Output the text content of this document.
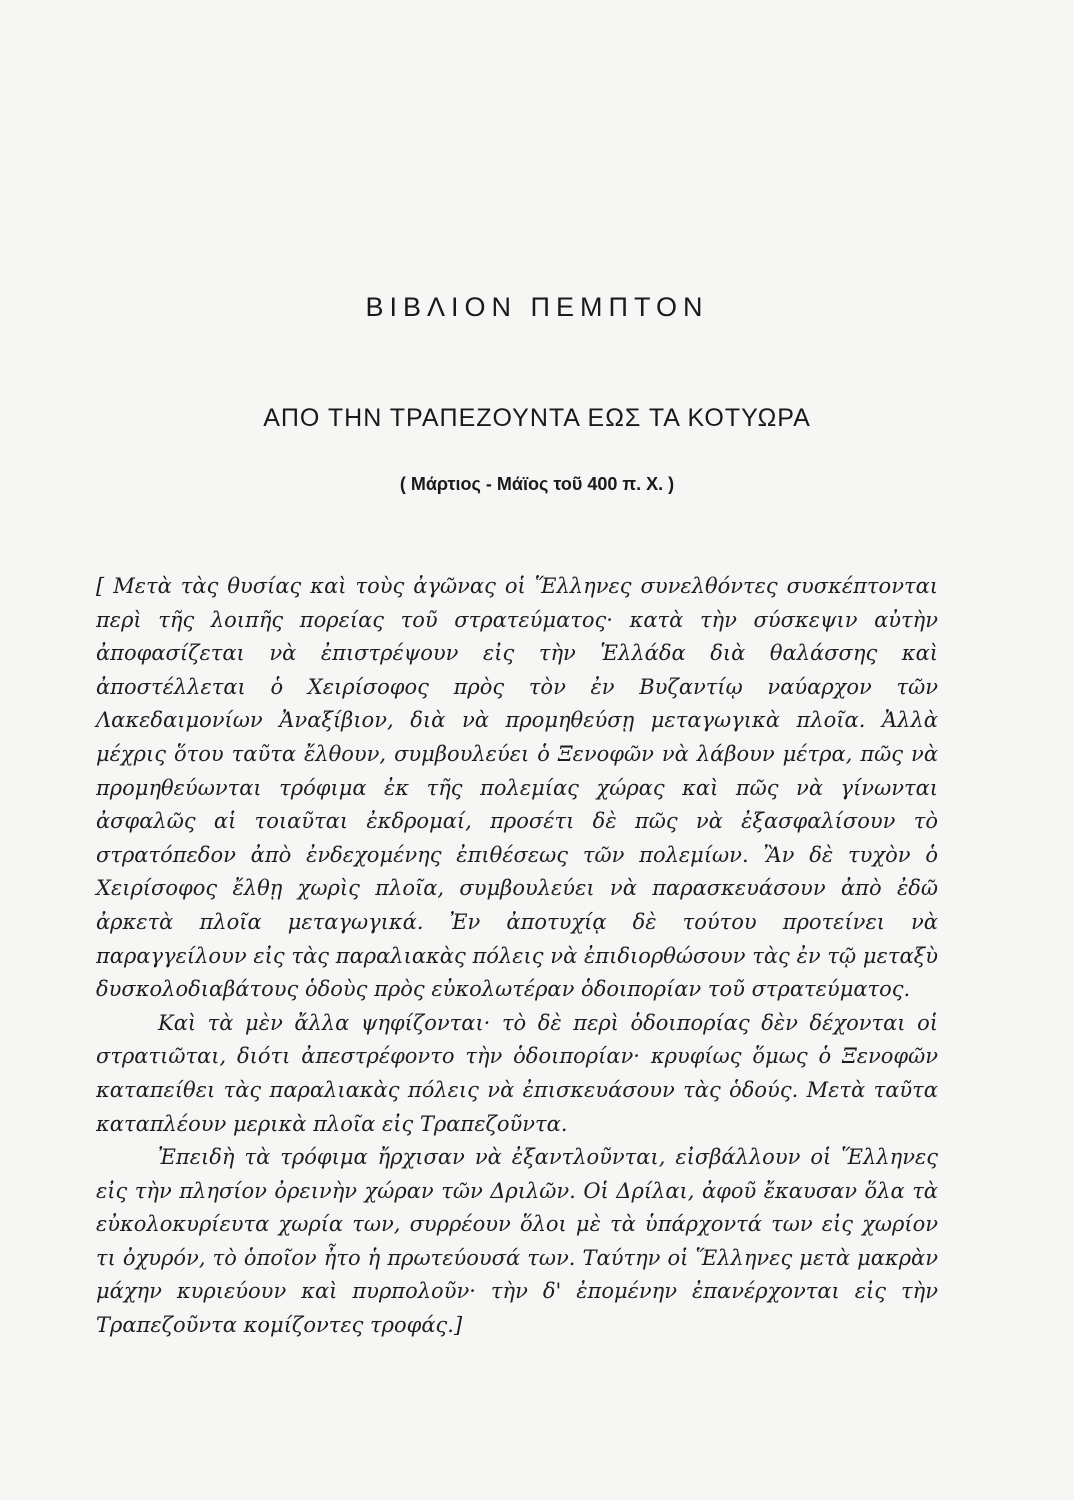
ΒΙΒΛΙΟΝ ΠΕΜΠΤΟΝ
ΑΠΟ ΤΗΝ ΤΡΑΠΕΖΟΥΝΤΑ ΕΩΣ ΤΑ ΚΟΤΥΩΡΑ
( Μάρτιος - Μάϊος τοῦ 400 π. Χ. )

[ Μετὰ τὰς θυσίας καὶ τοὺς ἀγῶνας οἱ Ἕλληνες συνελθόντες συσκέπτονται περὶ τῆς λοιπῆς πορείας τοῦ στρατεύματος· κατὰ τὴν σύσκεψιν αὐτὴν ἀποφασίζεται νὰ ἐπιστρέψουν εἰς τὴν Ἑλλάδα διὰ θαλάσσης καὶ ἀποστέλλεται ὁ Χειρίσοφος πρὸς τὸν ἐν Βυζαντίῳ ναύαρχον τῶν Λακεδαιμονίων Ἀναξίβιον, διὰ νὰ προμηθεύσῃ μεταγωγικὰ πλοῖα. Ἀλλὰ μέχρις ὅτου ταῦτα ἔλθουν, συμβουλεύει ὁ Ξενοφῶν νὰ λάβουν μέτρα, πῶς νὰ προμηθεύωνται τρόφιμα ἐκ τῆς πολεμίας χώρας καὶ πῶς νὰ γίνωνται ἀσφαλῶς αἱ τοιαῦται ἐκδρομαί, προσέτι δὲ πῶς νὰ ἐξασφαλίσουν τὸ στρατόπεδον ἀπὸ ἐνδεχομένης ἐπιθέσεως τῶν πολεμίων. Ἂν δὲ τυχὸν ὁ Χειρίσοφος ἔλθῃ χωρὶς πλοῖα, συμβουλεύει νὰ παρασκευάσουν ἀπὸ ἐδῶ ἀρκετὰ πλοῖα μεταγωγικά. Ἐν ἀποτυχίᾳ δὲ τούτου προτείνει νὰ παραγγείλουν εἰς τὰς παραλιακὰς πόλεις νὰ ἐπιδιορθώσουν τὰς ἐν τῷ μεταξὺ δυσκολοδιαβάτους ὁδοὺς πρὸς εὐκολωτέραν ὁδοιπορίαν τοῦ στρατεύματος.

Καὶ τὰ μὲν ἄλλα ψηφίζονται· τὸ δὲ περὶ ὁδοιπορίας δὲν δέχονται οἱ στρατιῶται, διότι ἀπεστρέφοντο τὴν ὁδοιπορίαν· κρυφίως ὅμως ὁ Ξενοφῶν καταπείθει τὰς παραλιακὰς πόλεις νὰ ἐπισκευάσουν τὰς ὁδούς. Μετὰ ταῦτα καταπλέουν μερικὰ πλοῖα εἰς Τραπεζοῦντα.

Ἐπειδὴ τὰ τρόφιμα ἤρχισαν νὰ ἐξαντλοῦνται, εἰσβάλλουν οἱ Ἕλληνες εἰς τὴν πλησίον ὀρεινὴν χώραν τῶν Δριλῶν. Οἱ Δρίλαι, ἀφοῦ ἔκαυσαν ὅλα τὰ εὐκολοκυρίευτα χωρία των, συρρέουν ὅλοι μὲ τὰ ὑπάρχοντά των εἰς χωρίον τι ὀχυρόν, τὸ ὁποῖον ἦτο ἡ πρωτεύουσά των. Ταύτην οἱ Ἕλληνες μετὰ μακρὰν μάχην κυριεύουν καὶ πυρπολοῦν· τὴν δ' ἐπομένην ἐπανέρχονται εἰς τὴν Τραπεζοῦντα κομίζοντες τροφάς.]
